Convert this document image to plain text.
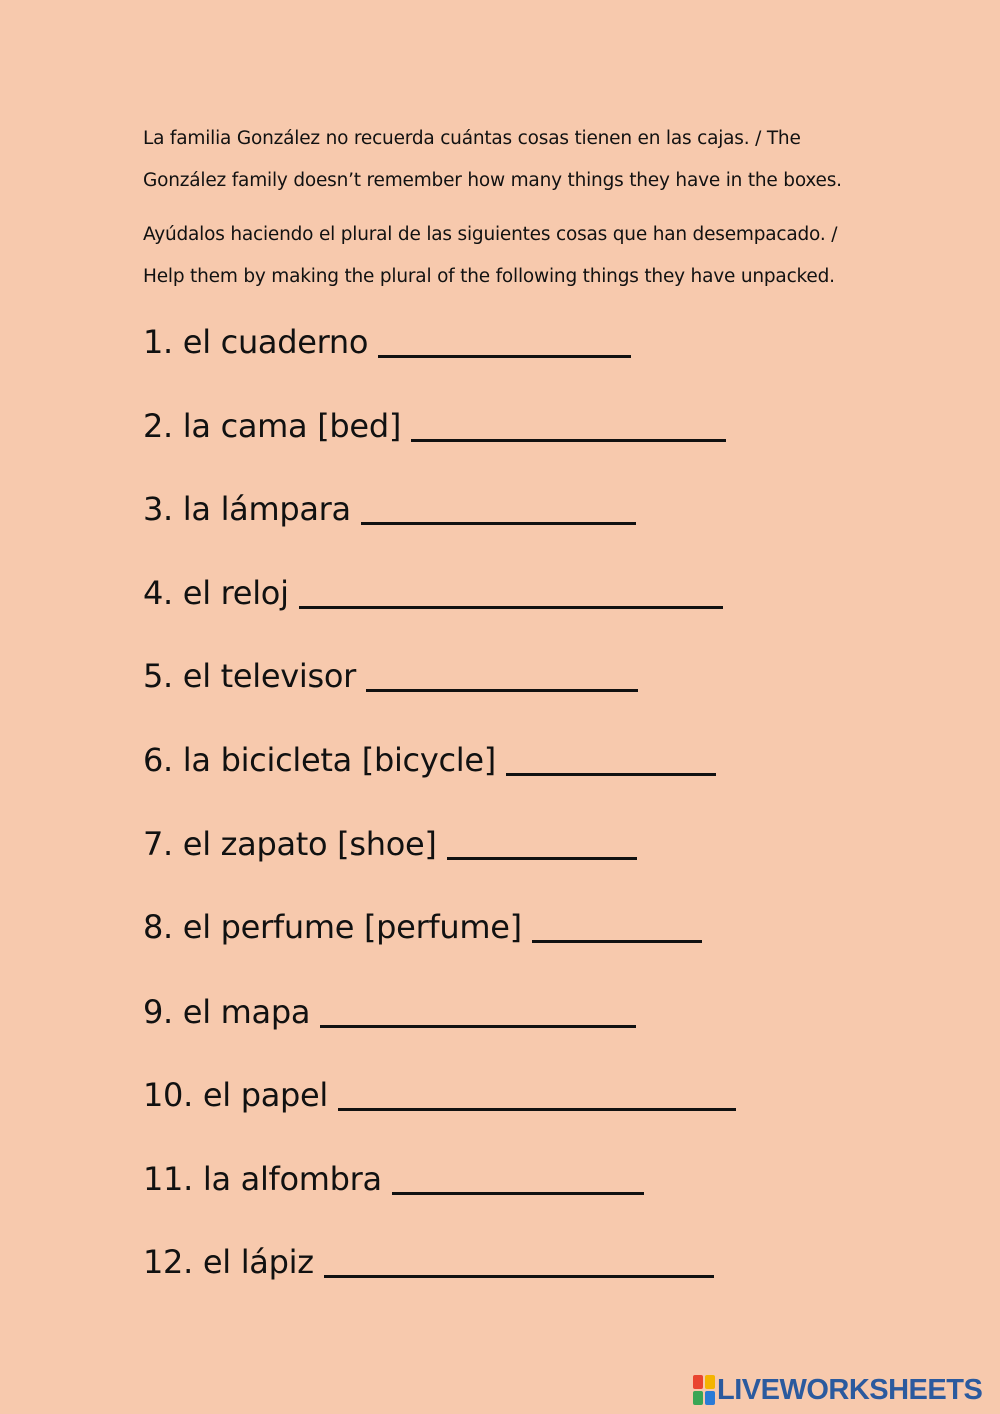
La familia González no recuerda cuántas cosas tienen en las cajas. / The González family doesn’t remember how many things they have in the boxes.

Ayúdalos haciendo el plural de las siguientes cosas que han desempacado. / Help them by making the plural of the following things they have unpacked.

1. el cuaderno
2. la cama [bed]
3. la lámpara
4. el reloj
5. el televisor
6. la bicicleta [bicycle]
7. el zapato [shoe]
8. el perfume [perfume]
9. el mapa
10. el papel
11. la alfombra
12. el lápiz
LIVEWORKSHEETS
